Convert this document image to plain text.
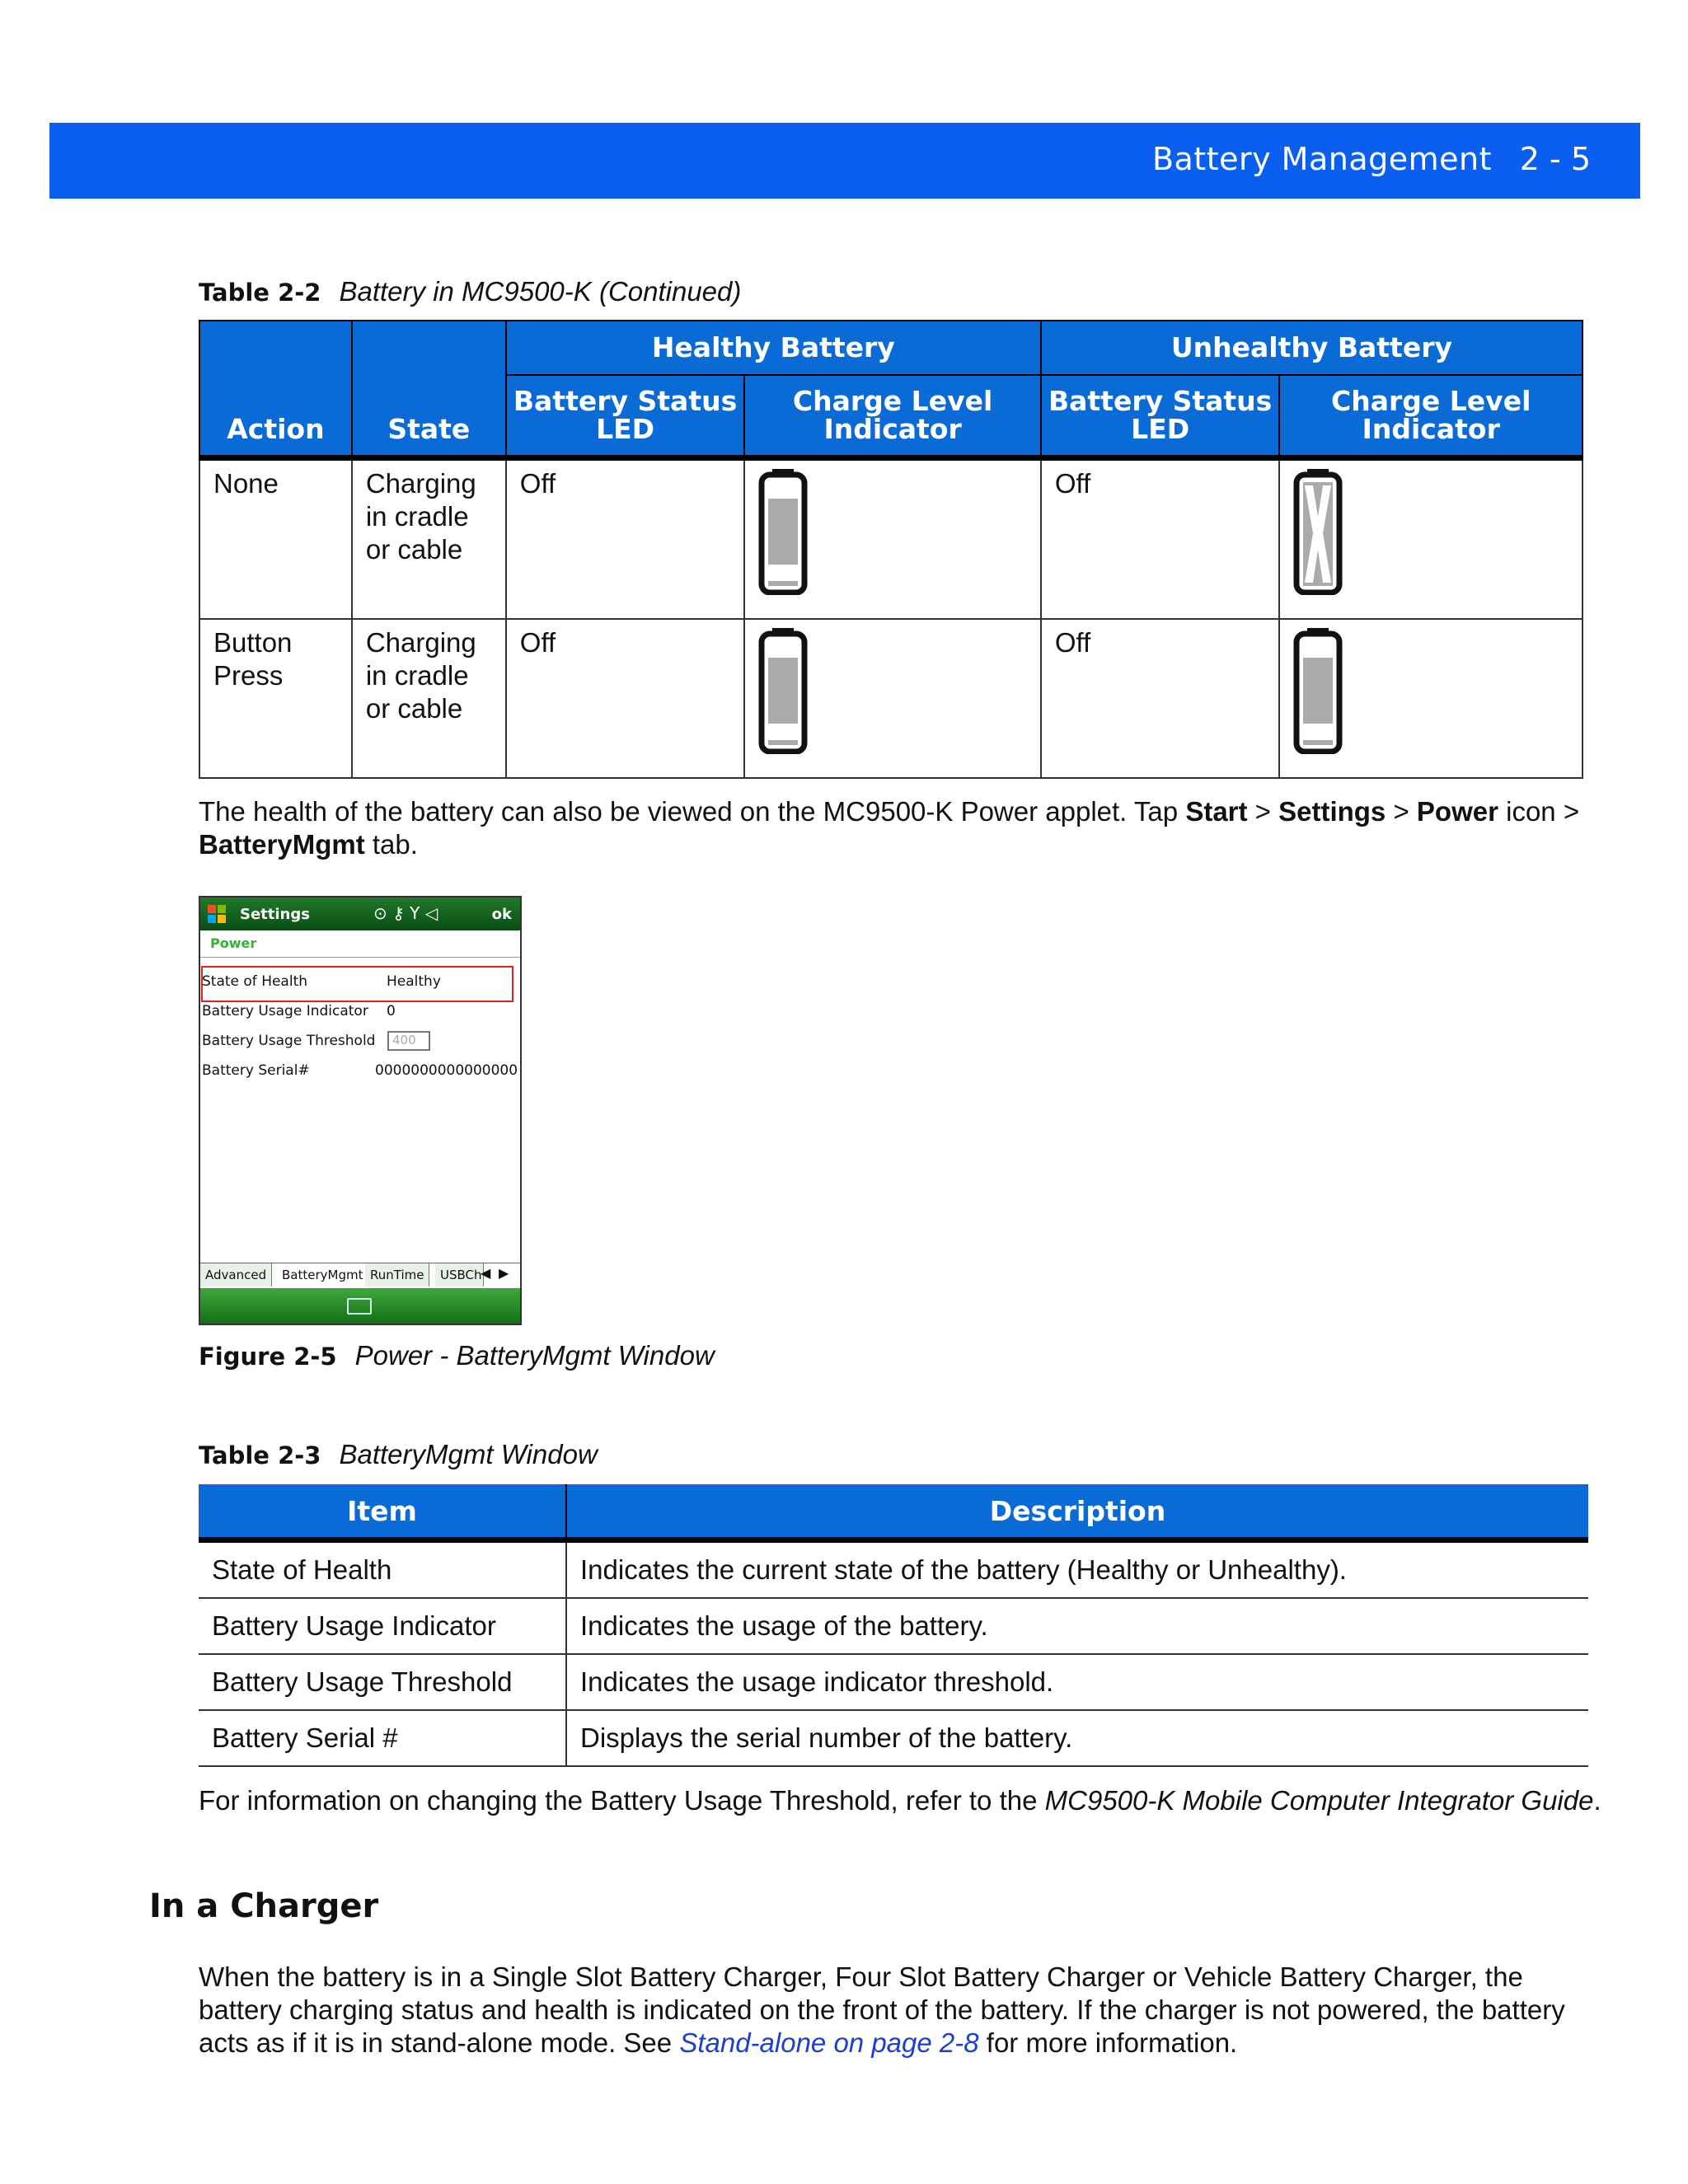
Battery Management 2 - 5
Table 2-2 Battery in MC9500-K (Continued)
Action	State	Healthy Battery		Unhealthy Battery	
		Battery Status LED	Charge Level Indicator	Battery Status LED	Charge Level Indicator
None	Charging in cradle or cable	Off		Off	
Button Press	Charging in cradle or cable	Off		Off	
The health of the battery can also be viewed on the MC9500-K Power applet. Tap Start > Settings > Power icon > BatteryMgmt tab.
Settings	⊙ ⚷ Y ◁	ok
Power
State of Health	Healthy
Battery Usage Indicator 0
Battery Usage Threshold	400
Battery Serial#	0000000000000000
Advanced	BatteryMgmt RunTime	USBCh
◀ ▶
Figure 2-5 Power - BatteryMgmt Window
Table 2-3 BatteryMgmt Window
Item	Description
State of Health	Indicates the current state of the battery (Healthy or Unhealthy).
Battery Usage Indicator	Indicates the usage of the battery.
Battery Usage Threshold	Indicates the usage indicator threshold.
Battery Serial #	Displays the serial number of the battery.
For information on changing the Battery Usage Threshold, refer to the MC9500-K Mobile Computer Integrator Guide.
In a Charger
When the battery is in a Single Slot Battery Charger, Four Slot Battery Charger or Vehicle Battery Charger, the battery charging status and health is indicated on the front of the battery. If the charger is not powered, the battery acts as if it is in stand-alone mode. See Stand-alone on page 2-8 for more information.
